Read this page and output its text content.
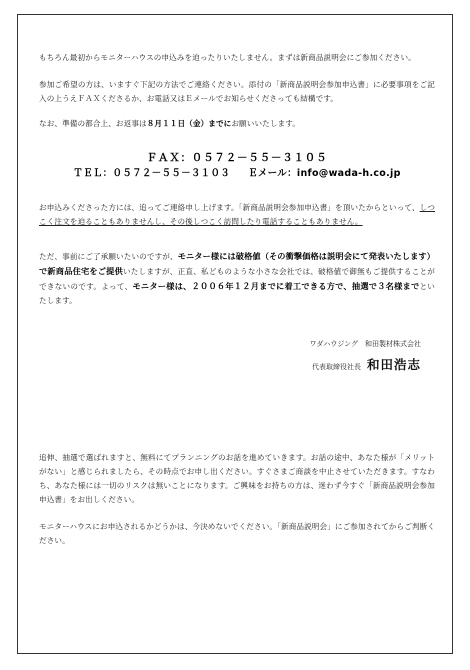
もちろん最初からモニターハウスの申込みを迫ったりいたしません。まずは新商品説明会にご参加ください。

参加ご希望の方は、いますぐ下記の方法でご連絡ください。添付の「新商品説明会参加申込書」に必要事項をご記入の上うえＦＡＸくださるか、お電話又はＥメールでお知らせくださっても結構です。

なお、準備の都合上、お返事は８月１１日（金）までにお願いいたします。

ＦＡＸ：０５７２－５５－３１０５
ＴＥＬ：０５７２－５５－３１０３ Ｅメール：info@wada-h.co.jp

お申込みくださった方には、追ってご連絡申し上げます。「新商品説明会参加申込書」を頂いたからといって、しつこく注文を迫ることもありませんし、その後しつこく訪問したり電話することもありません。

ただ、事前にご了承願いたいのですが、モニター様には破格値（その衝撃価格は説明会にて発表いたします）で新商品住宅をご提供いたしますが、正直、私どものような小さな会社では、破格値で御無もご提供することができないのです。よって、モニター様は、２００６年１２月までに着工できる方で、抽選で３名様までといたします。

ワダハウジング　和田製材株式会社
代表取締役社長 和田浩志

追伸、抽選で選ばれますと、無料にてプランニングのお話を進めていきます。お話の途中、あなた様が「メリットがない」と感じられましたら、その時点でお申し出ください。すぐさまご商談を中止させていただきます。すなわち、あなた様には一切のリスクは無いことになります。ご興味をお持ちの方は、迷わず今すぐ「新商品説明会参加申込書」をお出しください。

モニターハウスにお申込されるかどうかは、今決めないでください。「新商品説明会」にご参加されてからご判断ください。
